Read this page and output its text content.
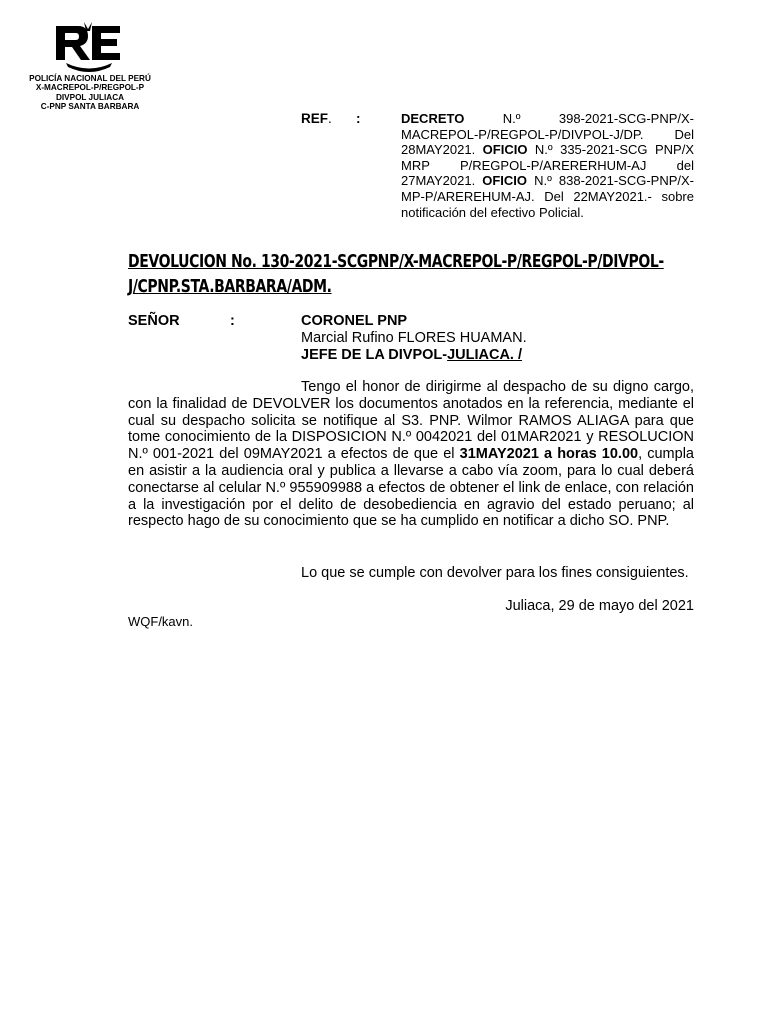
POLICÍA NACIONAL DEL PERÚ
X-MACREPOL-P/REGPOL-P
DIVPOL JULIACA
C-PNP SANTA BARBARA
REF. :	DECRETO N.º 398-2021-SCG-PNP/X-MACREPOL-P/REGPOL-P/DIVPOL-J/DP. Del 28MAY2021. OFICIO N.º 335-2021-SCG PNP/X MRP P/REGPOL-P/ARERERHUM-AJ del 27MAY2021. OFICIO N.º 838-2021-SCG-PNP/X-MP-P/AREREHUM-AJ. Del 22MAY2021.- sobre notificación del efectivo Policial.
DEVOLUCION No. 130-2021-SCGPNP/X-MACREPOL-P/REGPOL-P/DIVPOL-J/CPNP.STA.BARBARA/ADM.
SEÑOR	:	CORONEL PNP
Marcial Rufino FLORES HUAMAN.
JEFE DE LA DIVPOL-JULIACA. /
Tengo el honor de dirigirme al despacho de su digno cargo, con la finalidad de DEVOLVER los documentos anotados en la referencia, mediante el cual su despacho solicita se notifique al S3. PNP. Wilmor RAMOS ALIAGA para que tome conocimiento de la DISPOSICION N.º 0042021 del 01MAR2021 y RESOLUCION N.º 001-2021 del 09MAY2021 a efectos de que el 31MAY2021 a horas 10.00, cumpla en asistir a la audiencia oral y publica a llevarse a cabo vía zoom, para lo cual deberá conectarse al celular N.º 955909988 a efectos de obtener el link de enlace, con relación a la investigación por el delito de desobediencia en agravio del estado peruano; al respecto hago de su conocimiento que se ha cumplido en notificar a dicho SO. PNP.
Lo que se cumple con devolver para los fines consiguientes.
Juliaca, 29 de mayo del 2021
WQF/kavn.
